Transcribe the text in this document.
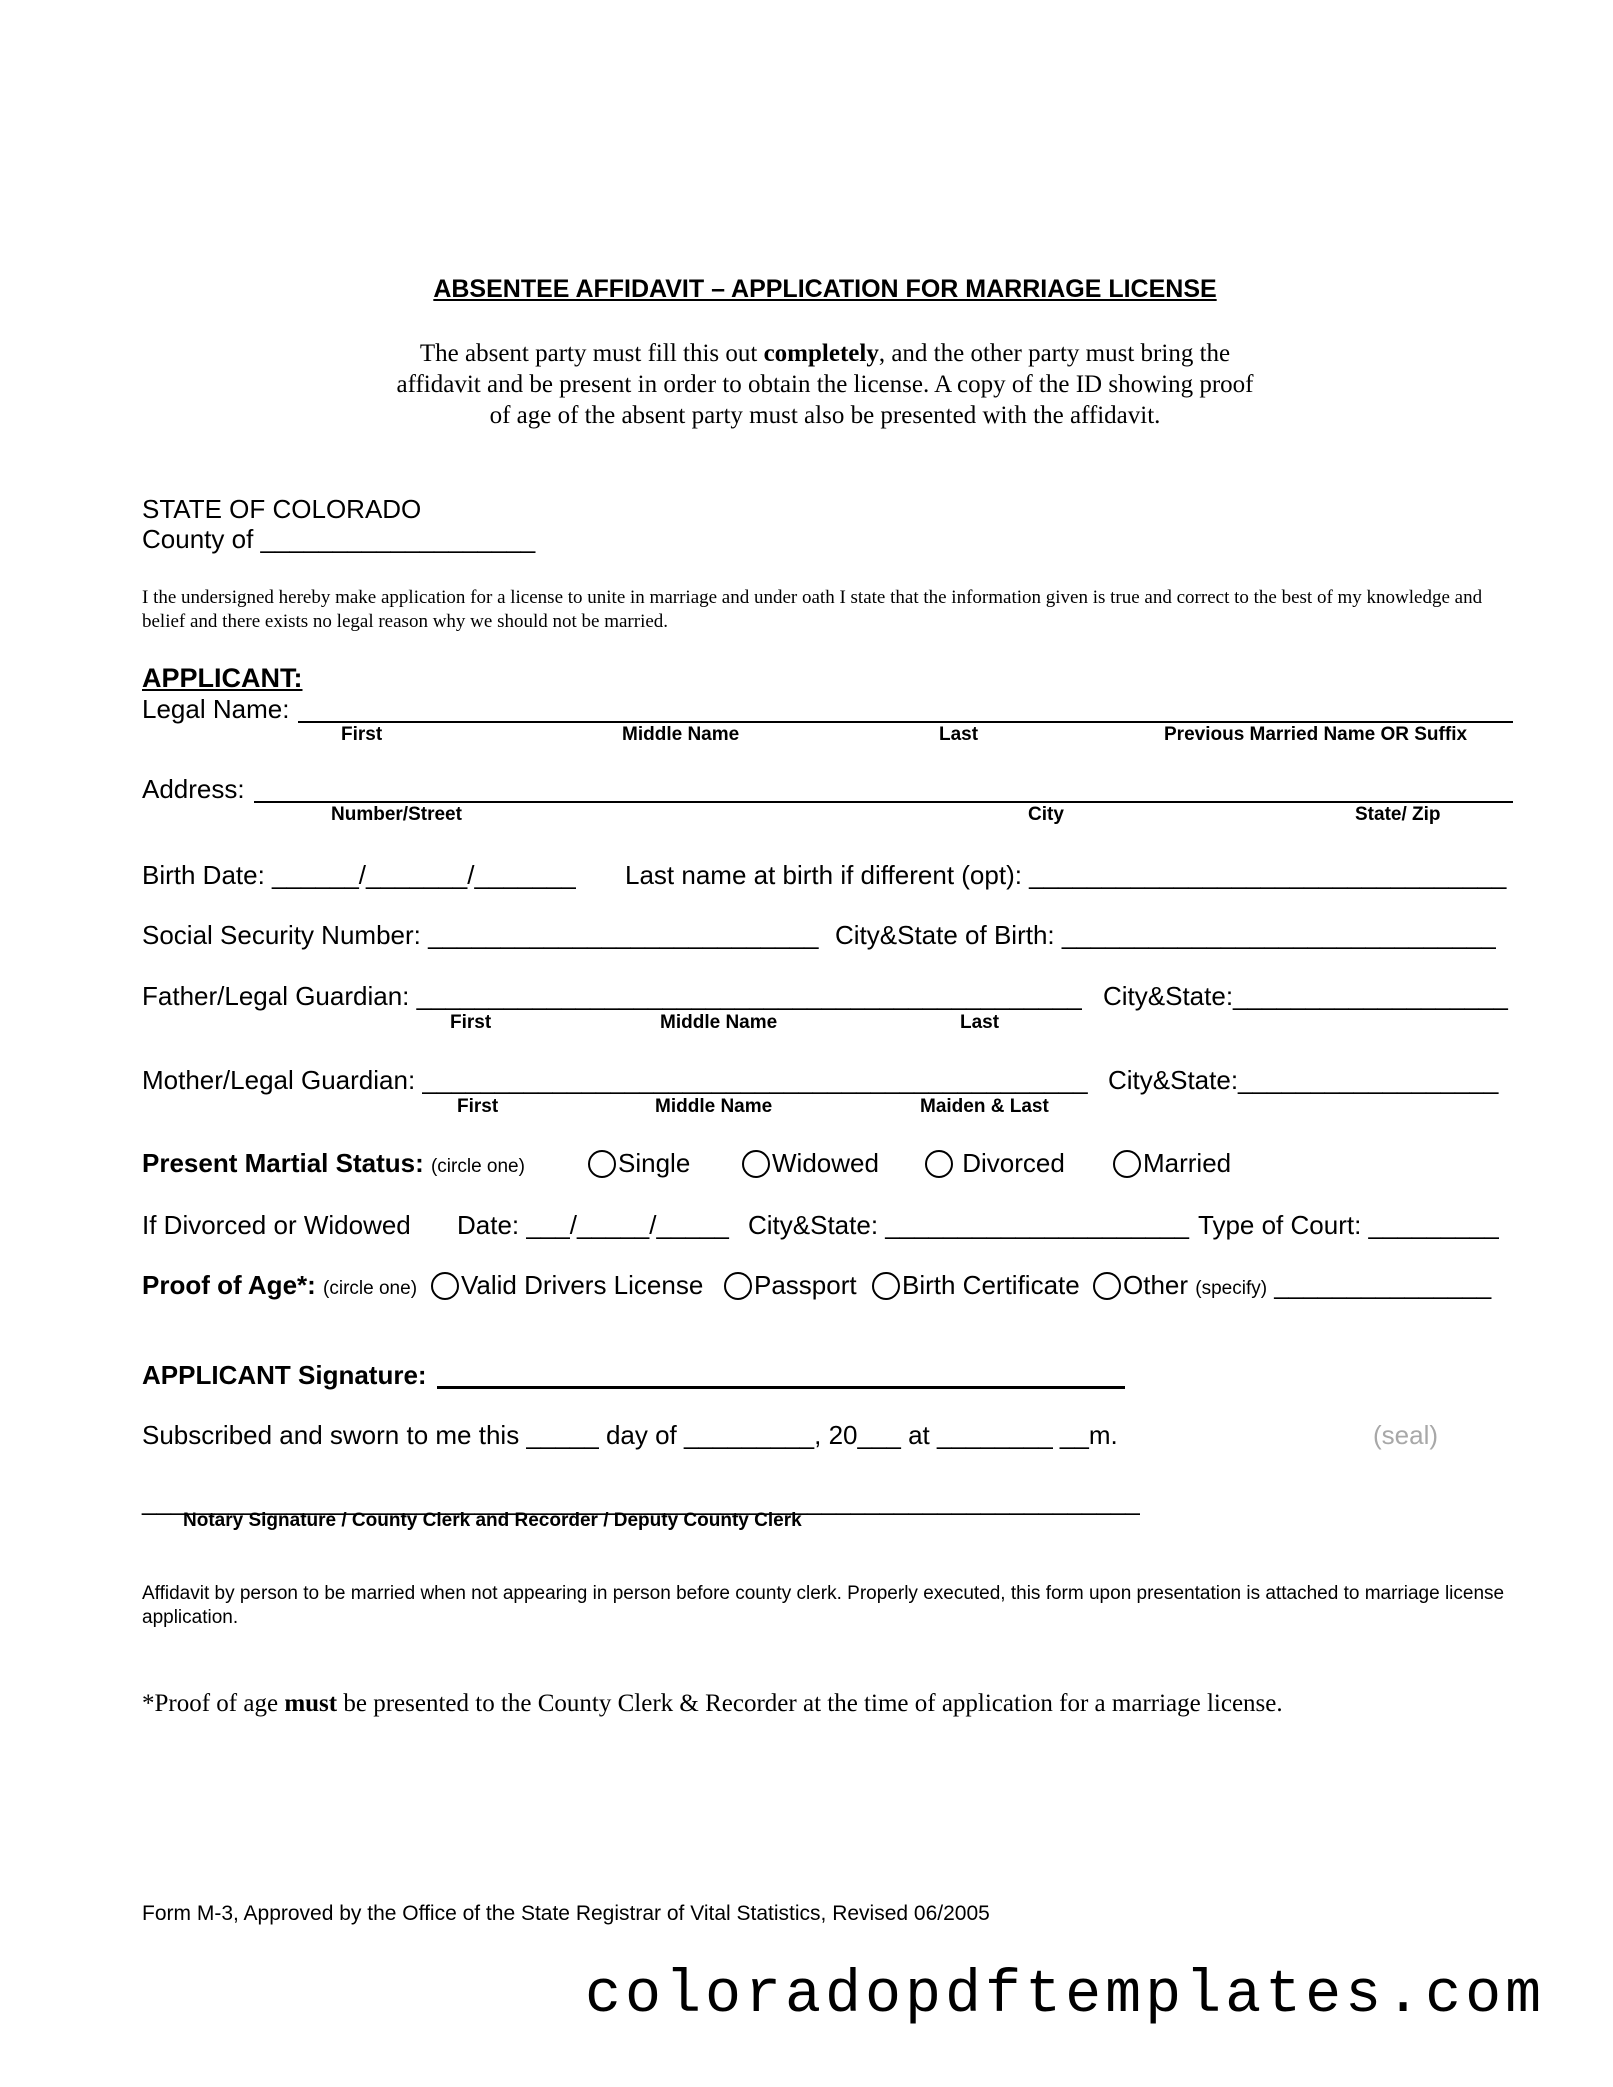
ABSENTEE AFFIDAVIT – APPLICATION FOR MARRIAGE LICENSE
The absent party must fill this out completely, and the other party must bring the affidavit and be present in order to obtain the license. A copy of the ID showing proof of age of the absent party must also be presented with the affidavit.
STATE OF COLORADO
County of ___________________
I the undersigned hereby make application for a license to unite in marriage and under oath I state that the information given is true and correct to the best of my knowledge and belief and there exists no legal reason why we should not be married.
APPLICANT:
Legal Name:
First	Middle Name	Last	Previous Married Name OR Suffix
Address:
Number/Street	City	State/ Zip
Birth Date: ______/_______/_______ Last name at birth if different (opt): _________________________________
Social Security Number: ___________________________ City&State of Birth: ______________________________
Father/Legal Guardian: ______________________________________________ City&State:___________________
First	Middle Name	Last
Mother/Legal Guardian: ______________________________________________ City&State:__________________
First	Middle Name	Maiden & Last
Present Martial Status: (circle one)	Single	Widowed	Divorced	Married
If Divorced or Widowed Date: ___/_____/_____ City&State: _____________________ Type of Court: _________
Proof of Age*: (circle one)	Valid Drivers License	Passport	Birth Certificate	Other (specify) _______________
APPLICANT Signature:
Subscribed and sworn to me this _____ day of _________, 20___ at ________ __m.	(seal)
_____________________________________________________________________
Notary Signature / County Clerk and Recorder / Deputy County Clerk
Affidavit by person to be married when not appearing in person before county clerk. Properly executed, this form upon presentation is attached to marriage license application.
*Proof of age must be presented to the County Clerk & Recorder at the time of application for a marriage license.
Form M-3, Approved by the Office of the State Registrar of Vital Statistics, Revised 06/2005
coloradopdftemplates.com
